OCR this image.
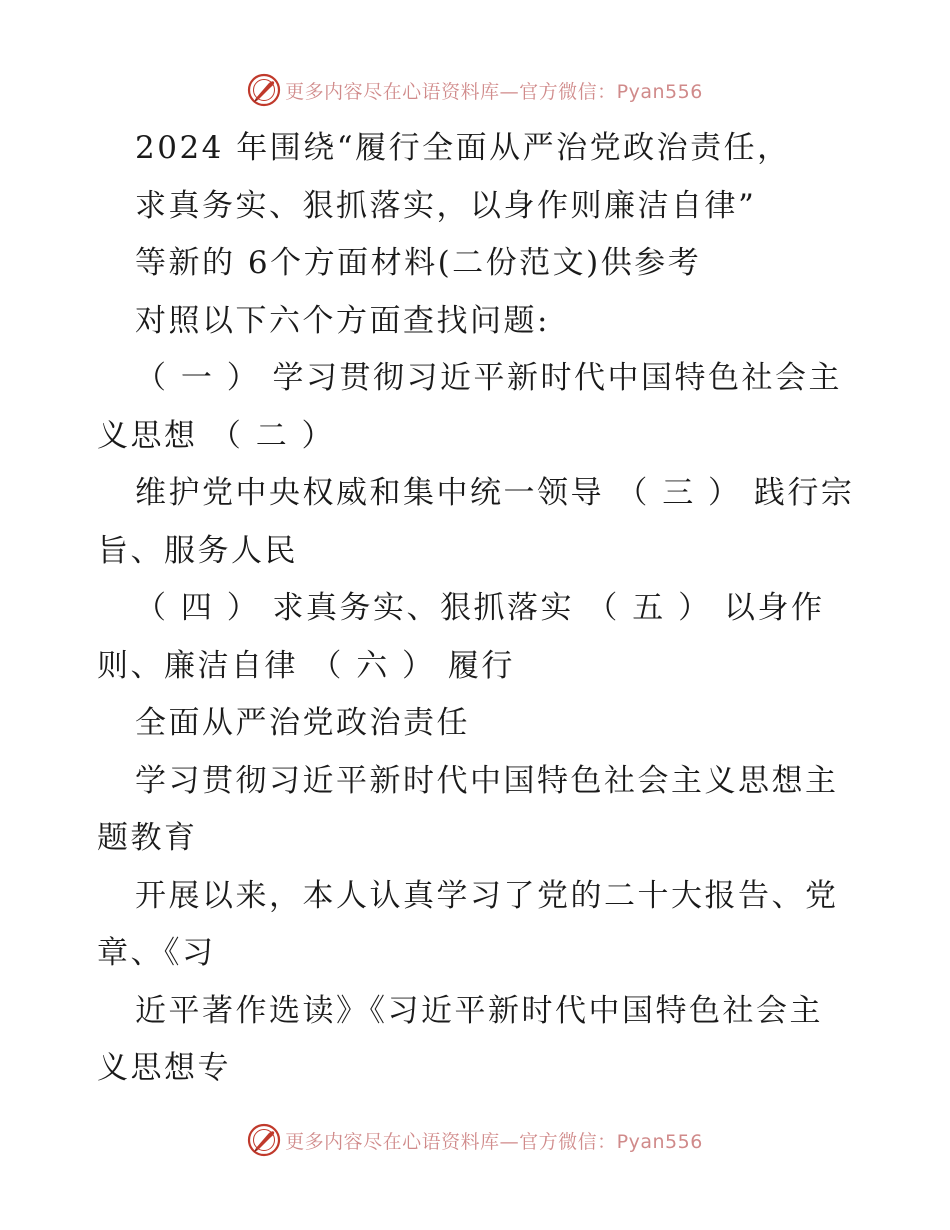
更多内容尽在心语资料库—官方微信：Pyan556
2024 年围绕“履行全面从严治党政治责任，
求真务实、狠抓落实，以身作则廉洁自律”
等新的 6个方面材料(二份范文)供参考
对照以下六个方面查找问题:
（ 一 ） 学习贯彻习近平新时代中国特色社会主
义思想 （ 二 ）
维护党中央权威和集中统一领导 （ 三 ） 践行宗
旨、服务人民
（ 四 ） 求真务实、狠抓落实 （ 五 ） 以身作
则、廉洁自律 （ 六 ） 履行
全面从严治党政治责任
学习贯彻习近平新时代中国特色社会主义思想主
题教育
开展以来，本人认真学习了党的二十大报告、党
章、《习
近平著作选读》《习近平新时代中国特色社会主
义思想专
更多内容尽在心语资料库—官方微信：Pyan556
